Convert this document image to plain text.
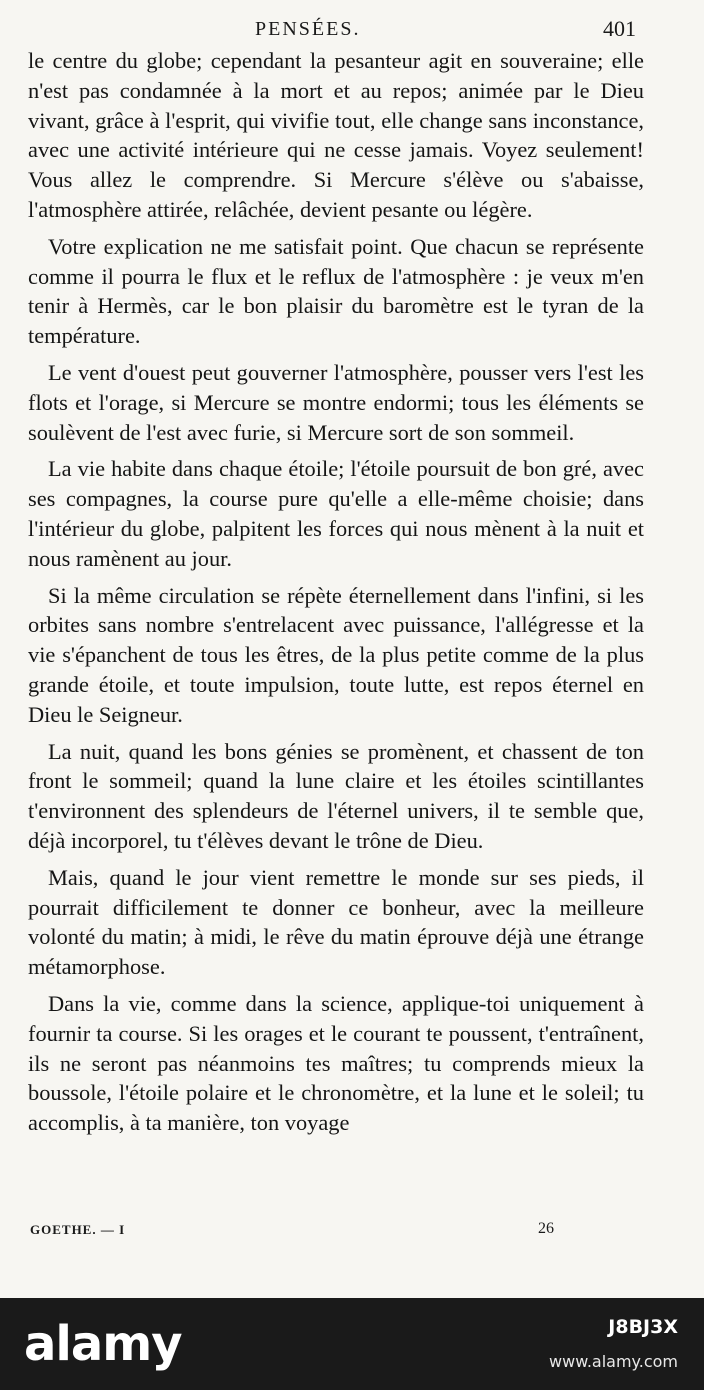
PENSÉES.	401

le centre du globe; cependant la pesanteur agit en souveraine; elle n'est pas condamnée à la mort et au repos; animée par le Dieu vivant, grâce à l'esprit, qui vivifie tout, elle change sans inconstance, avec une activité intérieure qui ne cesse jamais. Voyez seulement! Vous allez le comprendre. Si Mercure s'élève ou s'abaisse, l'atmosphère attirée, relâchée, devient pesante ou légère.

Votre explication ne me satisfait point. Que chacun se représente comme il pourra le flux et le reflux de l'atmosphère : je veux m'en tenir à Hermès, car le bon plaisir du baromètre est le tyran de la température.

Le vent d'ouest peut gouverner l'atmosphère, pousser vers l'est les flots et l'orage, si Mercure se montre endormi; tous les éléments se soulèvent de l'est avec furie, si Mercure sort de son sommeil.

La vie habite dans chaque étoile; l'étoile poursuit de bon gré, avec ses compagnes, la course pure qu'elle a elle-même choisie; dans l'intérieur du globe, palpitent les forces qui nous mènent à la nuit et nous ramènent au jour.

Si la même circulation se répète éternellement dans l'infini, si les orbites sans nombre s'entrelacent avec puissance, l'allégresse et la vie s'épanchent de tous les êtres, de la plus petite comme de la plus grande étoile, et toute impulsion, toute lutte, est repos éternel en Dieu le Seigneur.

La nuit, quand les bons génies se promènent, et chassent de ton front le sommeil; quand la lune claire et les étoiles scintillantes t'environnent des splendeurs de l'éternel univers, il te semble que, déjà incorporel, tu t'élèves devant le trône de Dieu.

Mais, quand le jour vient remettre le monde sur ses pieds, il pourrait difficilement te donner ce bonheur, avec la meilleure volonté du matin; à midi, le rêve du matin éprouve déjà une étrange métamorphose.

Dans la vie, comme dans la science, applique-toi uniquement à fournir ta course. Si les orages et le courant te poussent, t'entraînent, ils ne seront pas néanmoins tes maîtres; tu comprends mieux la boussole, l'étoile polaire et le chronomètre, et la lune et le soleil; tu accomplis, à ta manière, ton voyage

GOETHE. — I	26
alamy	J8BJ3X
www.alamy.com
